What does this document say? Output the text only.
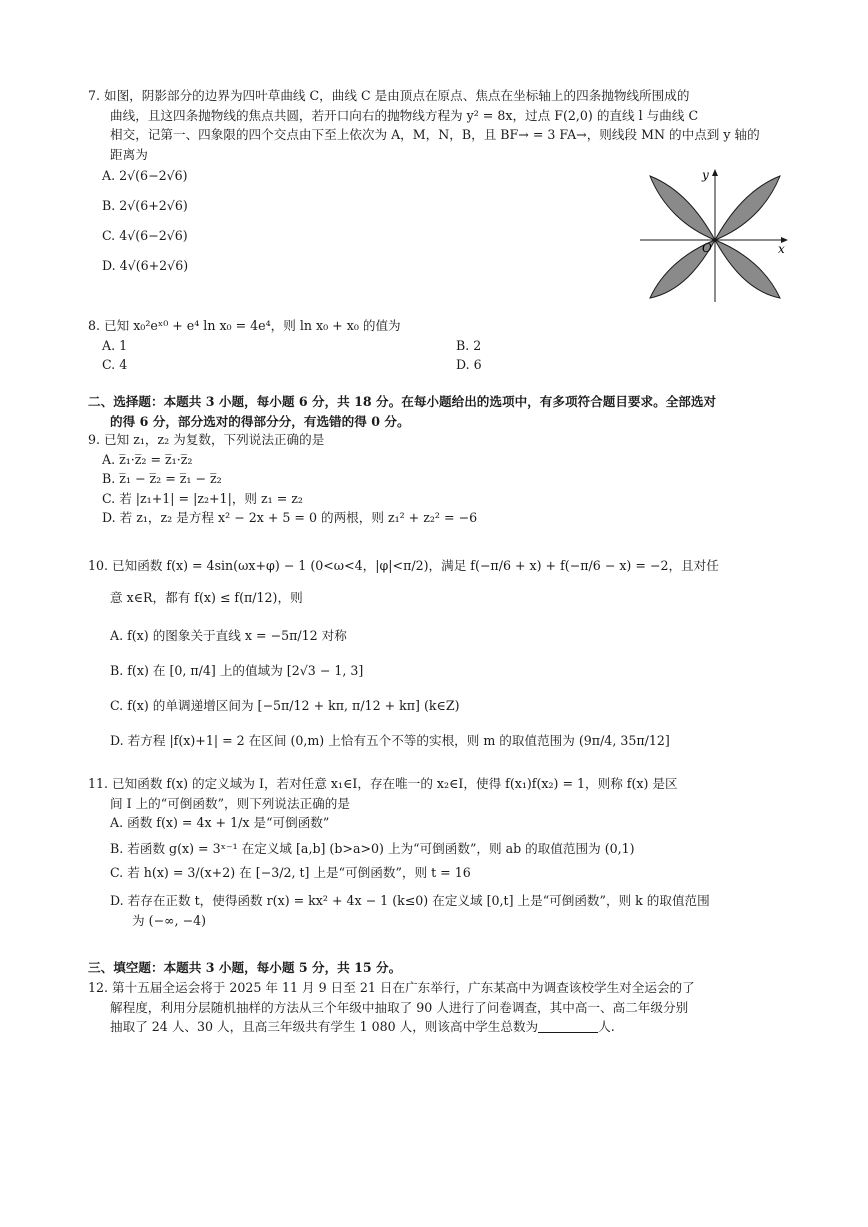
7. 如图，阴影部分的边界为四叶草曲线 C，曲线 C 是由顶点在原点、焦点在坐标轴上的四条抛物线所围成的
曲线，且这四条抛物线的焦点共圆，若开口向右的抛物线方程为 y² = 8x，过点 F(2,0) 的直线 l 与曲线 C
相交，记第一、四象限的四个交点由下至上依次为 A，M，N，B，且 BF→ = 3 FA→，则线段 MN 的中点到 y 轴的
距离为
A. 2√(6−2√6)
B. 2√(6+2√6)
C. 4√(6−2√6)
D. 4√(6+2√6)
y
x
O
8. 已知 x₀²eˣ⁰ + e⁴ ln x₀ = 4e⁴，则 ln x₀ + x₀ 的值为
A. 1	B. 2
C. 4	D. 6
二、选择题：本题共 3 小题，每小题 6 分，共 18 分。在每小题给出的选项中，有多项符合题目要求。全部选对
的得 6 分，部分选对的得部分分，有选错的得 0 分。
9. 已知 z₁，z₂ 为复数，下列说法正确的是
A. z̅₁·z̅₂ = z̅₁·z̅₂
B. z̅₁ − z̅₂ = z̅₁ − z̅₂
C. 若 |z₁+1| = |z₂+1|，则 z₁ = z₂
D. 若 z₁，z₂ 是方程 x² − 2x + 5 = 0 的两根，则 z₁² + z₂² = −6
10. 已知函数 f(x) = 4sin(ωx+φ) − 1 (0<ω<4，|φ|<π/2)，满足 f(−π/6 + x) + f(−π/6 − x) = −2，且对任
意 x∈R，都有 f(x) ≤ f(π/12)，则
A. f(x) 的图象关于直线 x = −5π/12 对称
B. f(x) 在 [0, π/4] 上的值域为 [2√3 − 1, 3]
C. f(x) 的单调递增区间为 [−5π/12 + kπ, π/12 + kπ] (k∈Z)
D. 若方程 |f(x)+1| = 2 在区间 (0,m) 上恰有五个不等的实根，则 m 的取值范围为 (9π/4, 35π/12]
11. 已知函数 f(x) 的定义域为 I，若对任意 x₁∈I，存在唯一的 x₂∈I，使得 f(x₁)f(x₂) = 1，则称 f(x) 是区
间 I 上的“可倒函数”，则下列说法正确的是
A. 函数 f(x) = 4x + 1/x 是“可倒函数”
B. 若函数 g(x) = 3ˣ⁻¹ 在定义域 [a,b] (b>a>0) 上为“可倒函数”，则 ab 的取值范围为 (0,1)
C. 若 h(x) = 3/(x+2) 在 [−3/2, t] 上是“可倒函数”，则 t = 16
D. 若存在正数 t，使得函数 r(x) = kx² + 4x − 1 (k≤0) 在定义域 [0,t] 上是“可倒函数”，则 k 的取值范围
为 (−∞, −4)
三、填空题：本题共 3 小题，每小题 5 分，共 15 分。
12. 第十五届全运会将于 2025 年 11 月 9 日至 21 日在广东举行，广东某高中为调查该校学生对全运会的了
解程度，利用分层随机抽样的方法从三个年级中抽取了 90 人进行了问卷调查，其中高一、高二年级分别
抽取了 24 人、30 人，且高三年级共有学生 1 080 人，则该高中学生总数为	人.
